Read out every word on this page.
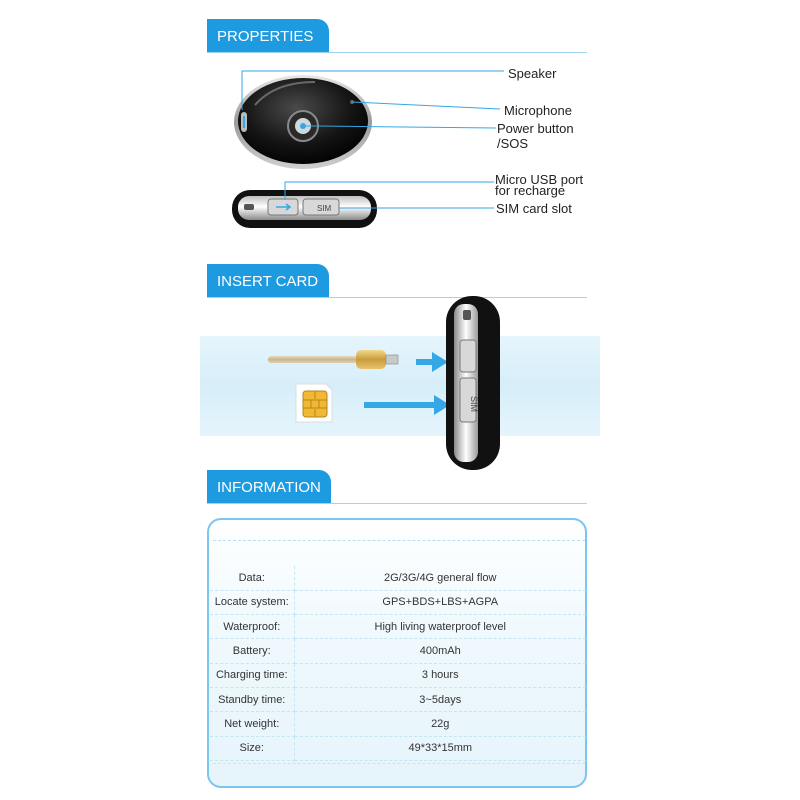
PROPERTIES
SIM
Speaker
Microphone
Power button
/SOS
Micro USB port
for recharge
SIM card slot
INSERT CARD
SIM
INFORMATION
Data:	2G/3G/4G general flow
Locate system:	GPS+BDS+LBS+AGPA
Waterproof:	High living waterproof level
Battery:	400mAh
Charging time:	3 hours
Standby time:	3~5days
Net weight:	22g
Size:	49*33*15mm
